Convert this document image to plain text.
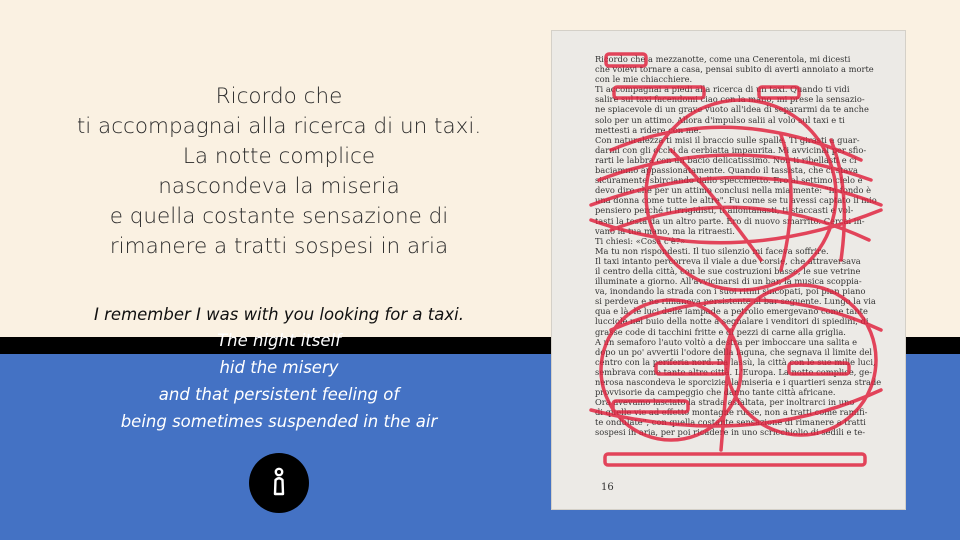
Ricordo che
ti accompagnai alla ricerca di un taxi.
La notte complice
nascondeva la miseria
e quella costante sensazione di
rimanere a tratti sospesi in aria
I remember I was with you looking for a taxi.
The night itself
hid the misery
and that persistent feeling of
being sometimes suspended in the air
Ricordo che a mezzanotte, come una Cenerentola, mi dicesti
che volevi tornare a casa, pensai subito di averti annoiato a morte
con le mie chiacchiere.
Ti accompagnai a piedi alla ricerca di un taxi. Quando ti vidi
salire sul taxi facendomi ciao con la mano, mi prese la sensazio-
ne spiacevole di un grave vuoto all'idea di separarmi da te anche
solo per un attimo. Allora d'impulso salii al volo sul taxi e ti
mettesti a ridere con me.
Con naturalezza ti misi il braccio sulle spalle. Ti girasti a guar-
darmi con gli occhi da cerbiatta impaurita. Mi avvicinai per sfio-
rarti le labbra con un bacio delicatissimo. Non ti ribellasti e ci
baciammo appassionatamente. Quando il tassista, che ci stava
sicuramente sbirciando dallo specchietto. Ero al settimo cielo e
devo dire che per un attimo conclusi nella mia mente: "In fondo è
una donna come tutte le altre". Fu come se tu avessi captato il mio
pensiero perché ti irrigidisti, ti allontanasti, ti staccasti e vol-
tasti la testa da un altro parte. Ero di nuovo smarrito. Cercai in-
vano la tua mano, ma la ritraesti.
Ti chiesi: «Cosa c'è?»
Ma tu non rispondesti. Il tuo silenzio mi faceva soffrire.
Il taxi intanto percorreva il viale a due corsie, che attraversava
il centro della città, con le sue costruzioni basse, le sue vetrine
illuminate a giorno. All'avvicinarsi di un bar, la musica scoppia-
va, inondando la strada con i suoi ritmi sincopati, poi pian piano
si perdeva e ne rimaneva persistente al bar seguente. Lungo la via
qua e là, le luci delle lampade a petrolio emergevano come tante
lucciole nel buio della notte a segnalare i venditori di spiedini, di
grasse code di tacchini fritte e di pezzi di carne alla griglia.
A un semaforo l'auto voltò a destra per imboccare una salita e
dopo un po' avvertii l'odore della laguna, che segnava il limite del
centro con la periferia nord. Da lassù, la città con le sue mille luci,
sembrava come tante altre città. L'Europa. La notte complice, ge-
nerosa nascondeva le sporcizie, la miseria e i quartieri senza strade
provvisorie da campeggio che danno tante città africane.
Ora avevamo lasciato la strada asfaltata, per inoltrarci in uno
di quelle vie ad effetto montagne russe, non a tratti come ramifi-
te ondulate", con quella costante sensazione di rimanere a tratti
sospesi in aria, per poi ricadere in uno scricchiolio di sedili e te-
16
